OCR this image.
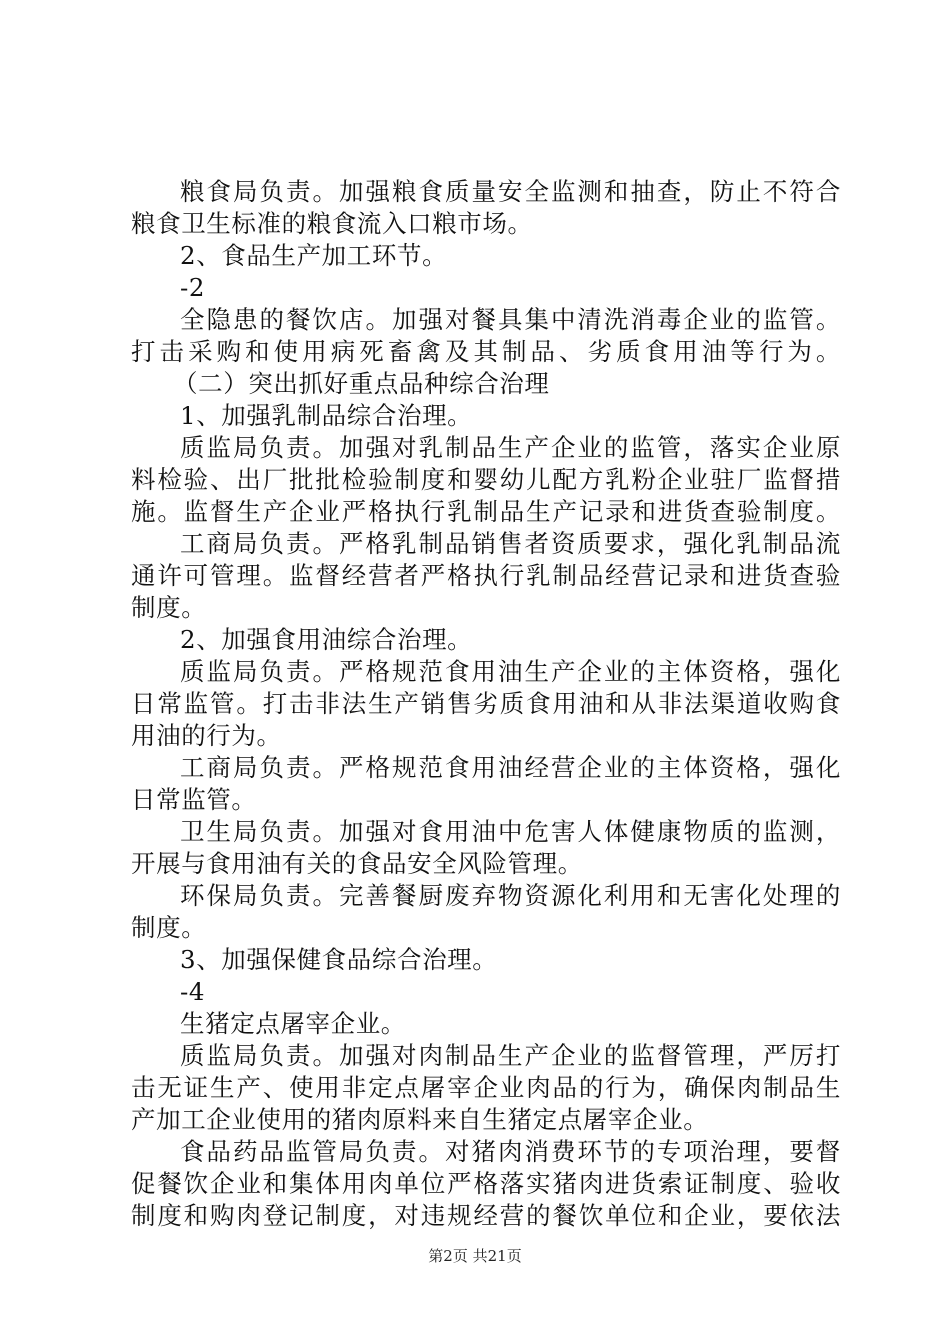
粮食局负责。加强粮食质量安全监测和抽查，防止不符合
粮食卫生标准的粮食流入口粮市场。
2、食品生产加工环节。
-2
全隐患的餐饮店。加强对餐具集中清洗消毒企业的监管。
打击采购和使用病死畜禽及其制品、劣质食用油等行为。
（二）突出抓好重点品种综合治理
1、加强乳制品综合治理。
质监局负责。加强对乳制品生产企业的监管，落实企业原
料检验、出厂批批检验制度和婴幼儿配方乳粉企业驻厂监督措
施。监督生产企业严格执行乳制品生产记录和进货查验制度。
工商局负责。严格乳制品销售者资质要求，强化乳制品流
通许可管理。监督经营者严格执行乳制品经营记录和进货查验
制度。
2、加强食用油综合治理。
质监局负责。严格规范食用油生产企业的主体资格，强化
日常监管。打击非法生产销售劣质食用油和从非法渠道收购食
用油的行为。
工商局负责。严格规范食用油经营企业的主体资格，强化
日常监管。
卫生局负责。加强对食用油中危害人体健康物质的监测，
开展与食用油有关的食品安全风险管理。
环保局负责。完善餐厨废弃物资源化利用和无害化处理的
制度。
3、加强保健食品综合治理。
-4
生猪定点屠宰企业。
质监局负责。加强对肉制品生产企业的监督管理，严厉打
击无证生产、使用非定点屠宰企业肉品的行为，确保肉制品生
产加工企业使用的猪肉原料来自生猪定点屠宰企业。
食品药品监管局负责。对猪肉消费环节的专项治理，要督
促餐饮企业和集体用肉单位严格落实猪肉进货索证制度、验收
制度和购肉登记制度，对违规经营的餐饮单位和企业，要依法
第2页 共21页
